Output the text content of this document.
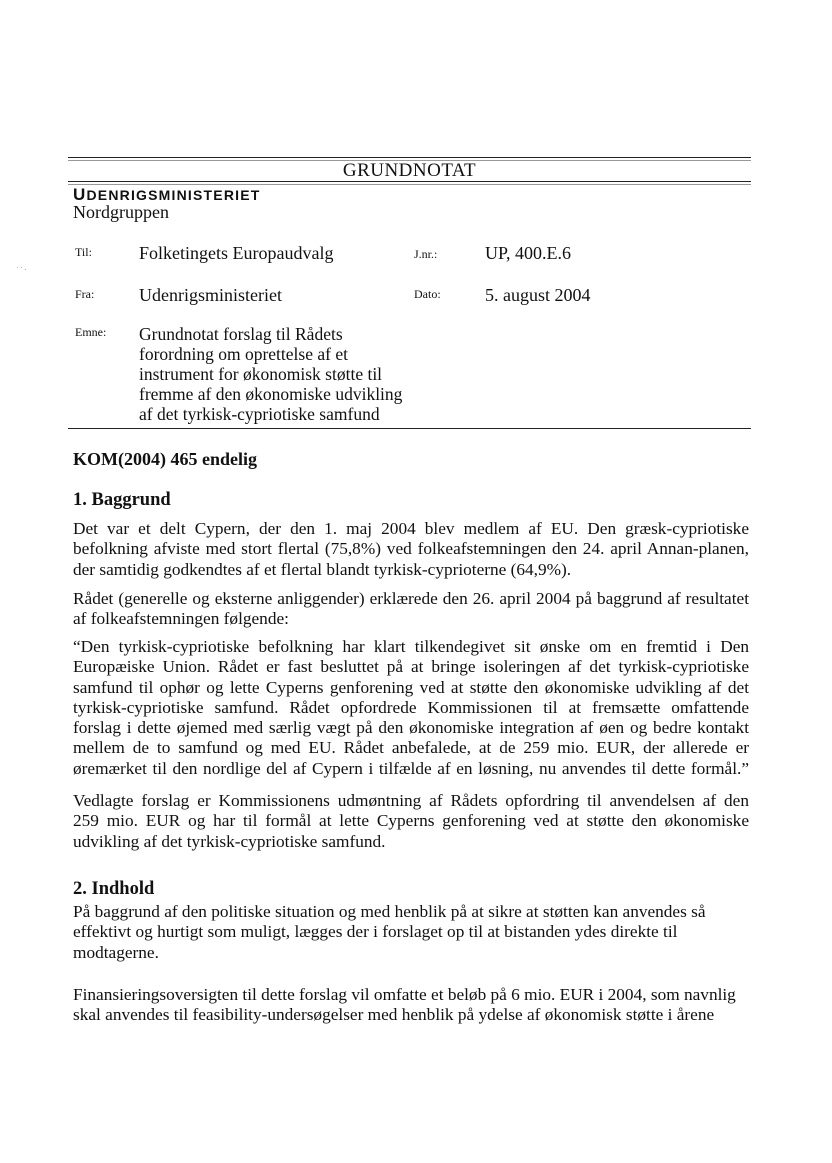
˙ ˙ ·
GRUNDNOTAT
UDENRIGSMINISTERIET
Nordgruppen
Til:	Folketingets Europaudvalg	J.nr.:	UP, 400.E.6
Fra: Udenrigsministeriet	Dato: 5. august 2004
Emne: Grundnotat forslag til Rådets
forordning om oprettelse af et
instrument for økonomisk støtte til
fremme af den økonomiske udvikling
af det tyrkisk-cypriotiske samfund
KOM(2004) 465 endelig
1. Baggrund
Det var et delt Cypern, der den 1. maj 2004 blev medlem af EU. Den græsk-cypriotiske
befolkning afviste med stort flertal (75,8%) ved folkeafstemningen den 24. april Annan-planen,
der samtidig godkendtes af et flertal blandt tyrkisk-cyprioterne (64,9%).
Rådet (generelle og eksterne anliggender) erklærede den 26. april 2004 på baggrund af resultatet
af folkeafstemningen følgende:
“Den tyrkisk-cypriotiske befolkning har klart tilkendegivet sit ønske om en fremtid i Den
Europæiske Union. Rådet er fast besluttet på at bringe isoleringen af det tyrkisk-cypriotiske
samfund til ophør og lette Cyperns genforening ved at støtte den økonomiske udvikling af det
tyrkisk-cypriotiske samfund. Rådet opfordrede Kommissionen til at fremsætte omfattende
forslag i dette øjemed med særlig vægt på den økonomiske integration af øen og bedre kontakt
mellem de to samfund og med EU. Rådet anbefalede, at de 259 mio. EUR, der allerede er
øremærket til den nordlige del af Cypern i tilfælde af en løsning, nu anvendes til dette formål.”
Vedlagte forslag er Kommissionens udmøntning af Rådets opfordring til anvendelsen af den
259 mio. EUR og har til formål at lette Cyperns genforening ved at støtte den økonomiske
udvikling af det tyrkisk-cypriotiske samfund.
2. Indhold
På baggrund af den politiske situation og med henblik på at sikre at støtten kan anvendes så
effektivt og hurtigt som muligt, lægges der i forslaget op til at bistanden ydes direkte til
modtagerne.
Finansieringsoversigten til dette forslag vil omfatte et beløb på 6 mio. EUR i 2004, som navnlig
skal anvendes til feasibility-undersøgelser med henblik på ydelse af økonomisk støtte i årene
